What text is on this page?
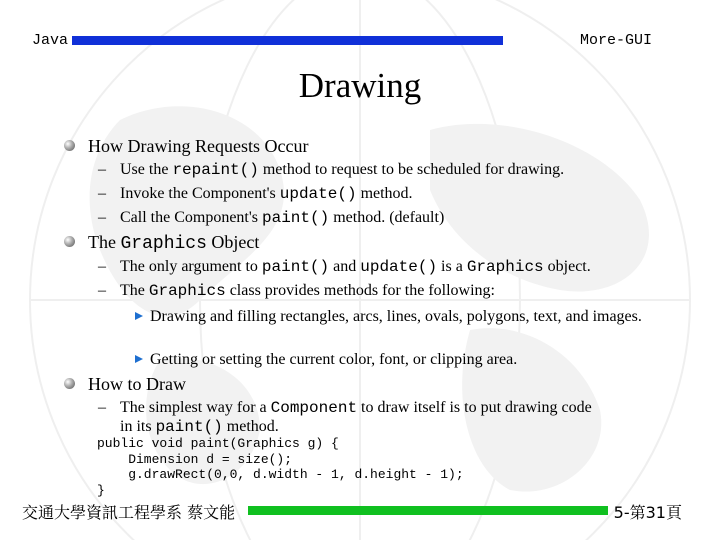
Java	More-GUI
Drawing
How Drawing Requests Occur
– Use the repaint() method to request to be scheduled for drawing.
– Invoke the Component's update() method.
– Call the Component's paint() method. (default)
The Graphics Object
– The only argument to paint() and update() is a Graphics object.
– The Graphics class provides methods for the following:
Drawing and filling rectangles, arcs, lines, ovals, polygons, text, and images.
Getting or setting the current color, font, or clipping area.
How to Draw
– The simplest way for a Component to draw itself is to put drawing code
in its paint() method.
public void paint(Graphics g) {
Dimension d = size();
g.drawRect(0,0, d.width - 1, d.height - 1);
}
交通大學資訊工程學系 蔡文能	5-第31頁
